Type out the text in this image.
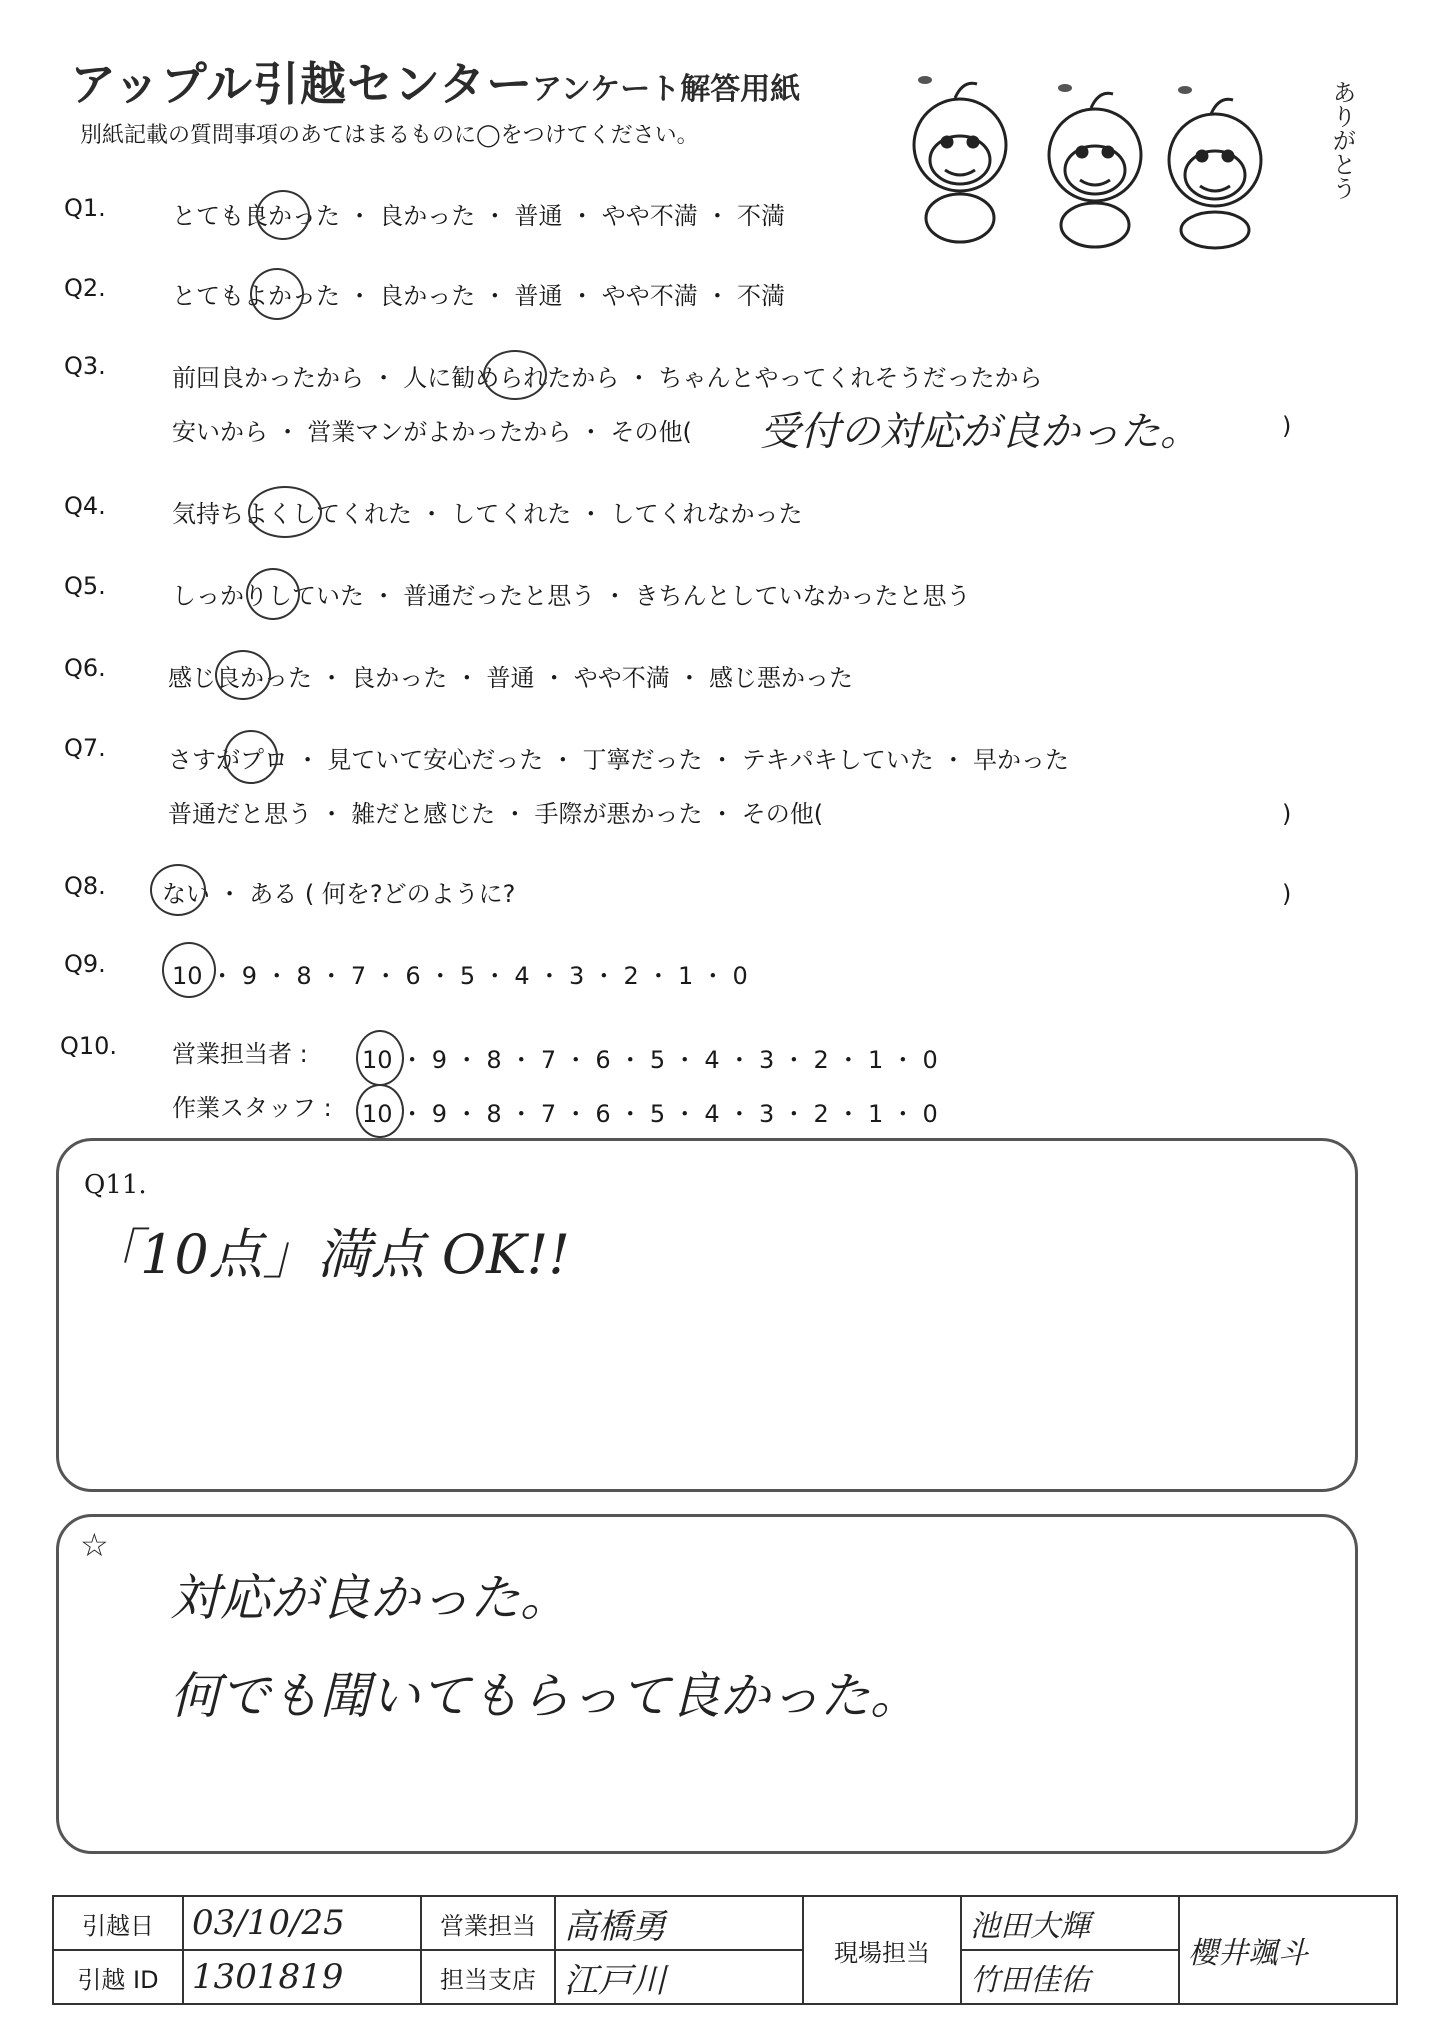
アップル引越センター
アンケート解答用紙
別紙記載の質問事項のあてはまるものに◯をつけてください。	ありがとう
Q1.	とても良かった ・ 良かった ・ 普通 ・ やや不満 ・ 不満
Q2.	とてもよかった ・ 良かった ・ 普通 ・ やや不満 ・ 不満
Q3.	前回良かったから ・ 人に勧められたから ・ ちゃんとやってくれそうだったから
安いから ・ 営業マンがよかったから ・ その他( 受付の対応が良かった。	)
Q4.	気持ちよくしてくれた ・ してくれた ・ してくれなかった
Q5.	しっかりしていた ・ 普通だったと思う ・ きちんとしていなかったと思う
Q6.	感じ良かった ・ 良かった ・ 普通 ・ やや不満 ・ 感じ悪かった
Q7.	さすがプロ ・ 見ていて安心だった ・ 丁寧だった ・ テキパキしていた ・ 早かった
普通だと思う ・ 雑だと感じた ・ 手際が悪かった ・ その他(	)
Q8. ない ・ ある ( 何を?どのように?	)
Q9.	10 ・ 9 ・ 8 ・ 7 ・ 6 ・ 5 ・ 4 ・ 3 ・ 2 ・ 1 ・ 0
Q10. 営業担当者 : 10 ・ 9 ・ 8 ・ 7 ・ 6 ・ 5 ・ 4 ・ 3 ・ 2 ・ 1 ・ 0
作業スタッフ : 10 ・ 9 ・ 8 ・ 7 ・ 6 ・ 5 ・ 4 ・ 3 ・ 2 ・ 1 ・ 0
Q11.
「10点」満点 OK!!
☆
対応が良かった。
何でも聞いてもらって良かった。
引越日	03/10/25	営業担当	高橋勇	現場担当	池田大輝	櫻井颯斗
引越 ID	1301819	担当支店	江戸川		竹田佳佑	
